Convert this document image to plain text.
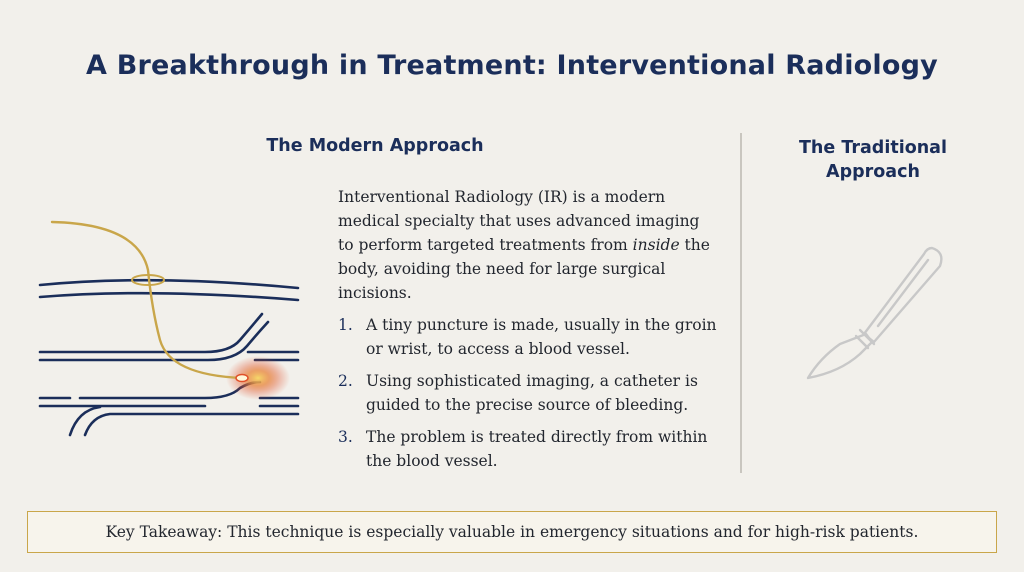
A Breakthrough in Treatment: Interventional Radiology
The Modern Approach
Interventional Radiology (IR) is a modern medical specialty that uses advanced imaging to perform targeted treatments from inside the body, avoiding the need for large surgical incisions.
1. A tiny puncture is made, usually in the groin or wrist, to access a blood vessel.
2. Using sophisticated imaging, a catheter is guided to the precise source of bleeding.
3. The problem is treated directly from within the blood vessel.
The Traditional Approach
Key Takeaway: This technique is especially valuable in emergency situations and for high-risk patients.
